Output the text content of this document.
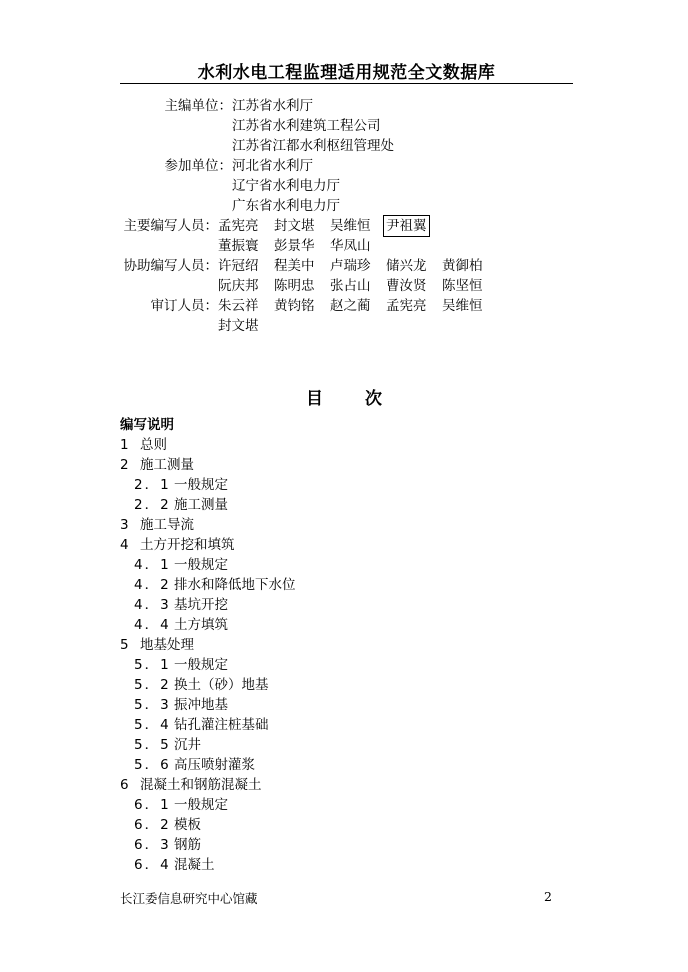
水利水电工程监理适用规范全文数据库
主编单位： 江苏省水利厅
江苏省水利建筑工程公司
江苏省江都水利枢纽管理处
参加单位： 河北省水利厅
辽宁省水利电力厅
广东省水利电力厅
主要编写人员： 孟宪亮 封文堪 吴维恒 尹祖翼
董振寰 彭景华 华凤山
协助编写人员： 许冠绍 程美中 卢瑞珍 储兴龙 黄御柏
阮庆邦 陈明忠 张占山 曹汝贤 陈坚恒
审订人员： 朱云祥 黄钧铭 赵之蔺 孟宪亮 吴维恒
封文堪
目 次
编写说明
1 总则
2 施工测量
2．1 一般规定
2．2 施工测量
3 施工导流
4 土方开挖和填筑
4．1 一般规定
4．2 排水和降低地下水位
4．3 基坑开挖
4．4 土方填筑
5 地基处理
5．1 一般规定
5．2 换土（砂）地基
5．3 振冲地基
5．4 钻孔灌注桩基础
5．5 沉井
5．6 高压喷射灌浆
6 混凝土和钢筋混凝土
6．1 一般规定
6．2 模板
6．3 钢筋
6．4 混凝土
长江委信息研究中心馆藏	2
